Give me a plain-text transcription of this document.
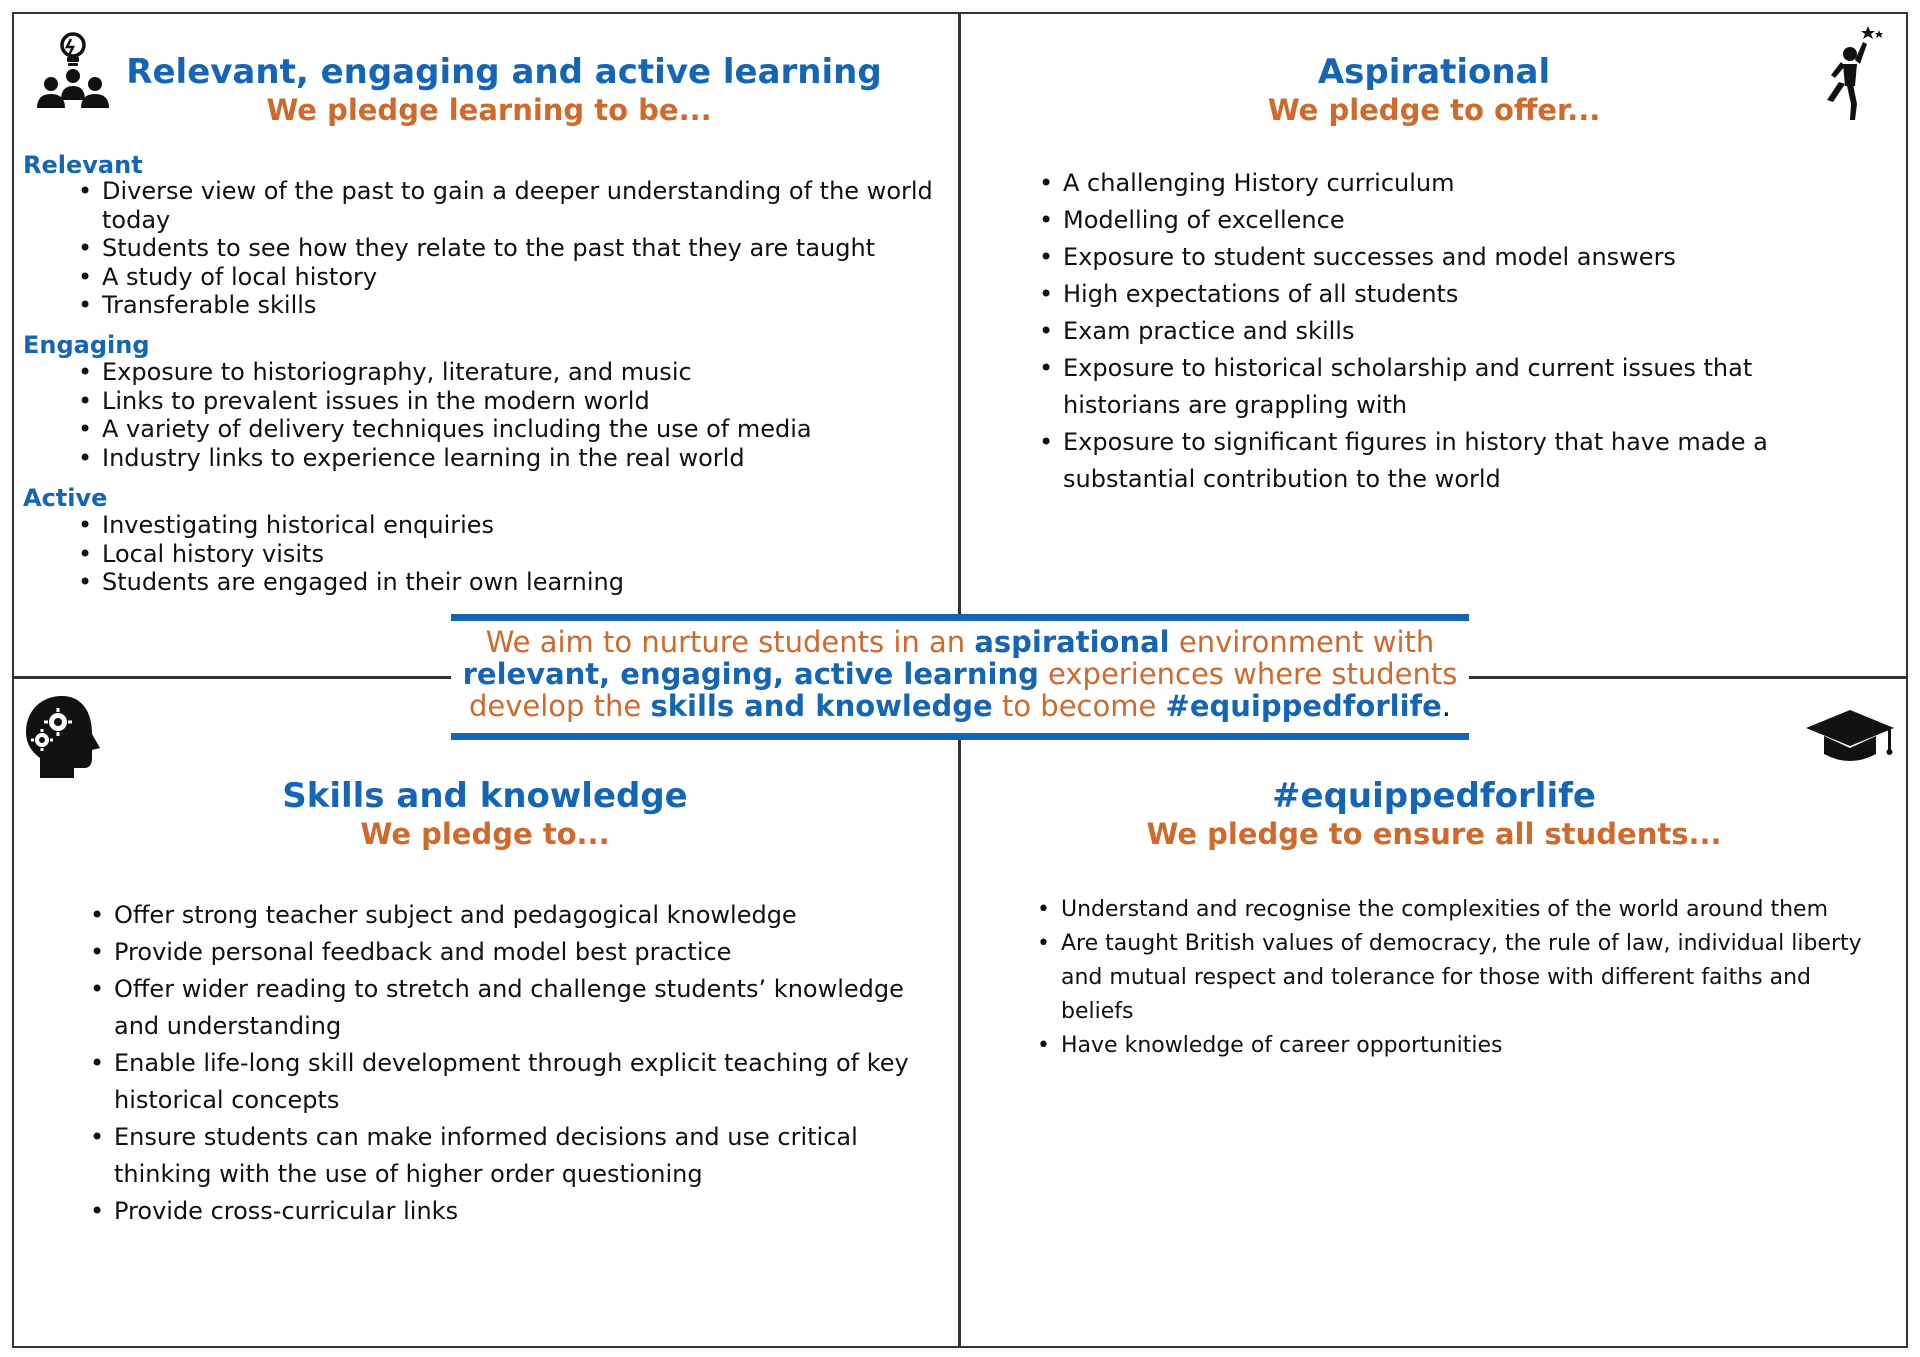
Relevant, engaging and active learning
We pledge learning to be...
Relevant
• Diverse view of the past to gain a deeper understanding of the world today
• Students to see how they relate to the past that they are taught
• A study of local history
• Transferable skills
Engaging
• Exposure to historiography, literature, and music
• Links to prevalent issues in the modern world
• A variety of delivery techniques including the use of media
• Industry links to experience learning in the real world
Active
• Investigating historical enquiries
• Local history visits
• Students are engaged in their own learning
Aspirational
We pledge to offer...
• A challenging History curriculum
• Modelling of excellence
• Exposure to student successes and model answers
• High expectations of all students
• Exam practice and skills
• Exposure to historical scholarship and current issues that historians are grappling with
• Exposure to significant figures in history that have made a substantial contribution to the world
Skills and knowledge
We pledge to...
• Offer strong teacher subject and pedagogical knowledge
• Provide personal feedback and model best practice
• Offer wider reading to stretch and challenge students’ knowledge and understanding
• Enable life-long skill development through explicit teaching of key historical concepts
• Ensure students can make informed decisions and use critical thinking with the use of higher order questioning
• Provide cross-curricular links
#equippedforlife
We pledge to ensure all students...
• Understand and recognise the complexities of the world around them
• Are taught British values of democracy, the rule of law, individual liberty and mutual respect and tolerance for those with different faiths and beliefs
• Have knowledge of career opportunities
We aim to nurture students in an aspirational environment with
relevant, engaging, active learning experiences where students
develop the skills and knowledge to become #equippedforlife.
